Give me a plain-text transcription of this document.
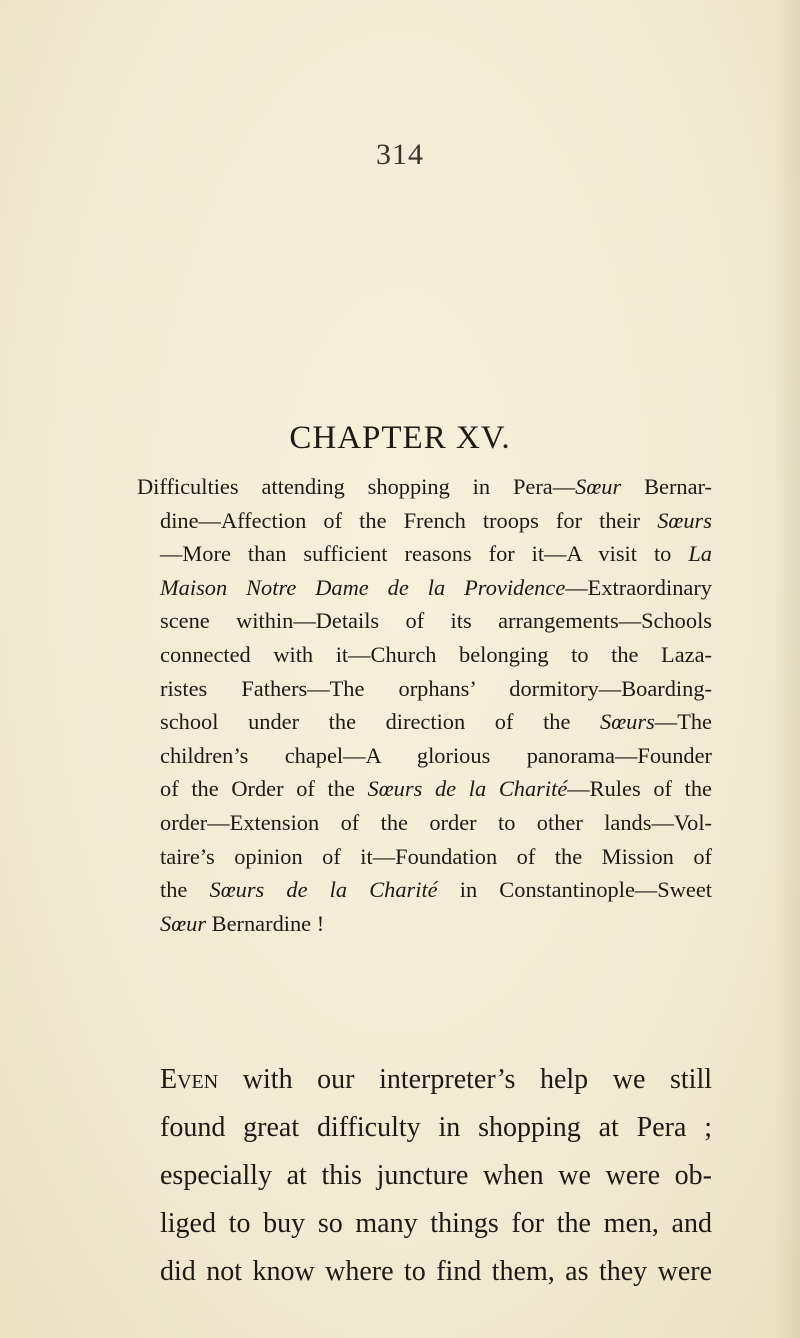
314
CHAPTER XV.
Difficulties attending shopping in Pera—Sœur Bernar-
dine—Affection of the French troops for their Sœurs
—More than sufficient reasons for it—A visit to La
Maison Notre Dame de la Providence—Extraordinary
scene within—Details of its arrangements—Schools
connected with it—Church belonging to the Laza-
ristes Fathers—The orphans’ dormitory—Boarding-
school under the direction of the Sœurs—The
children’s chapel—A glorious panorama—Founder
of the Order of the Sœurs de la Charité—Rules of the
order—Extension of the order to other lands—Vol-
taire’s opinion of it—Foundation of the Mission of
the Sœurs de la Charité in Constantinople—Sweet
Sœur Bernardine !
Even with our interpreter’s help we still
found great difficulty in shopping at Pera ;
especially at this juncture when we were ob-
liged to buy so many things for the men, and
did not know where to find them, as they were
